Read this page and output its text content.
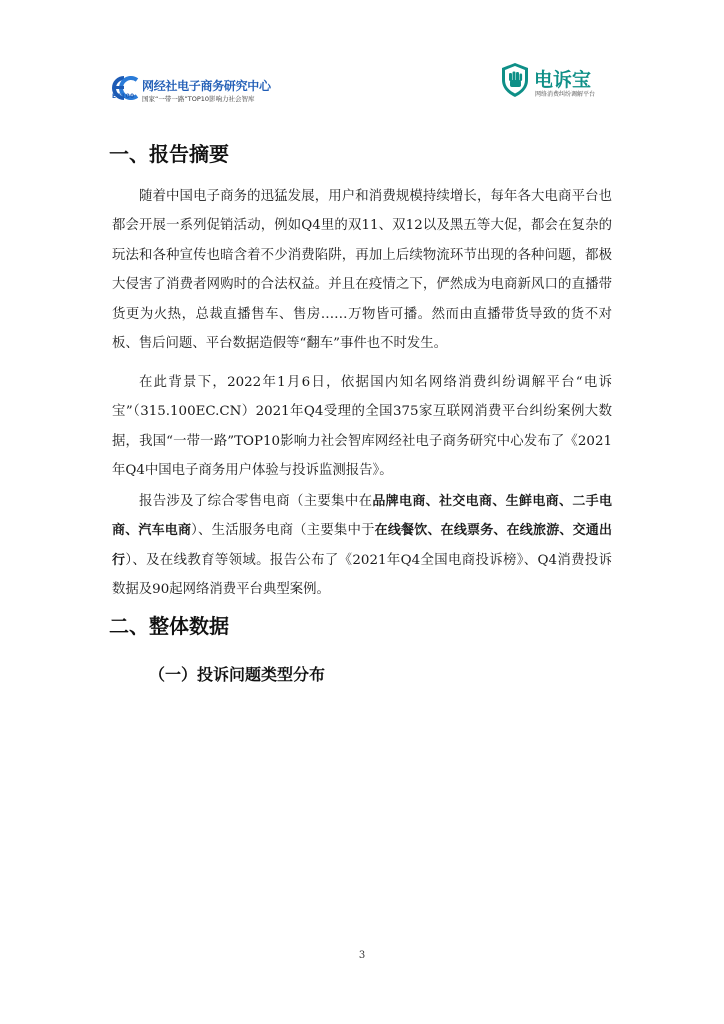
EC100
网经社电子商务研究中心
国家“一带一路”TOP10影响力社会智库
电诉宝
网络消费纠纷调解平台
一、报告摘要

随着中国电子商务的迅猛发展，用户和消费规模持续增长，每年各大电商平台也都会开展一系列促销活动，例如Q4里的双11、双12以及黑五等大促，都会在复杂的玩法和各种宣传也暗含着不少消费陷阱，再加上后续物流环节出现的各种问题，都极大侵害了消费者网购时的合法权益。并且在疫情之下，俨然成为电商新风口的直播带货更为火热，总裁直播售车、售房……万物皆可播。然而由直播带货导致的货不对板、售后问题、平台数据造假等“翻车”事件也不时发生。

在此背景下，2022年1月6日，依据国内知名网络消费纠纷调解平台“电诉宝”（315.100EC.CN）2021年Q4受理的全国375家互联网消费平台纠纷案例大数据，我国“一带一路”TOP10影响力社会智库网经社电子商务研究中心发布了《2021年Q4中国电子商务用户体验与投诉监测报告》。

报告涉及了综合零售电商（主要集中在品牌电商、社交电商、生鲜电商、二手电商、汽车电商）、生活服务电商（主要集中于在线餐饮、在线票务、在线旅游、交通出行）、及在线教育等领域。报告公布了《2021年Q4全国电商投诉榜》、Q4消费投诉数据及90起网络消费平台典型案例。

二、整体数据
（一）投诉问题类型分布
3
